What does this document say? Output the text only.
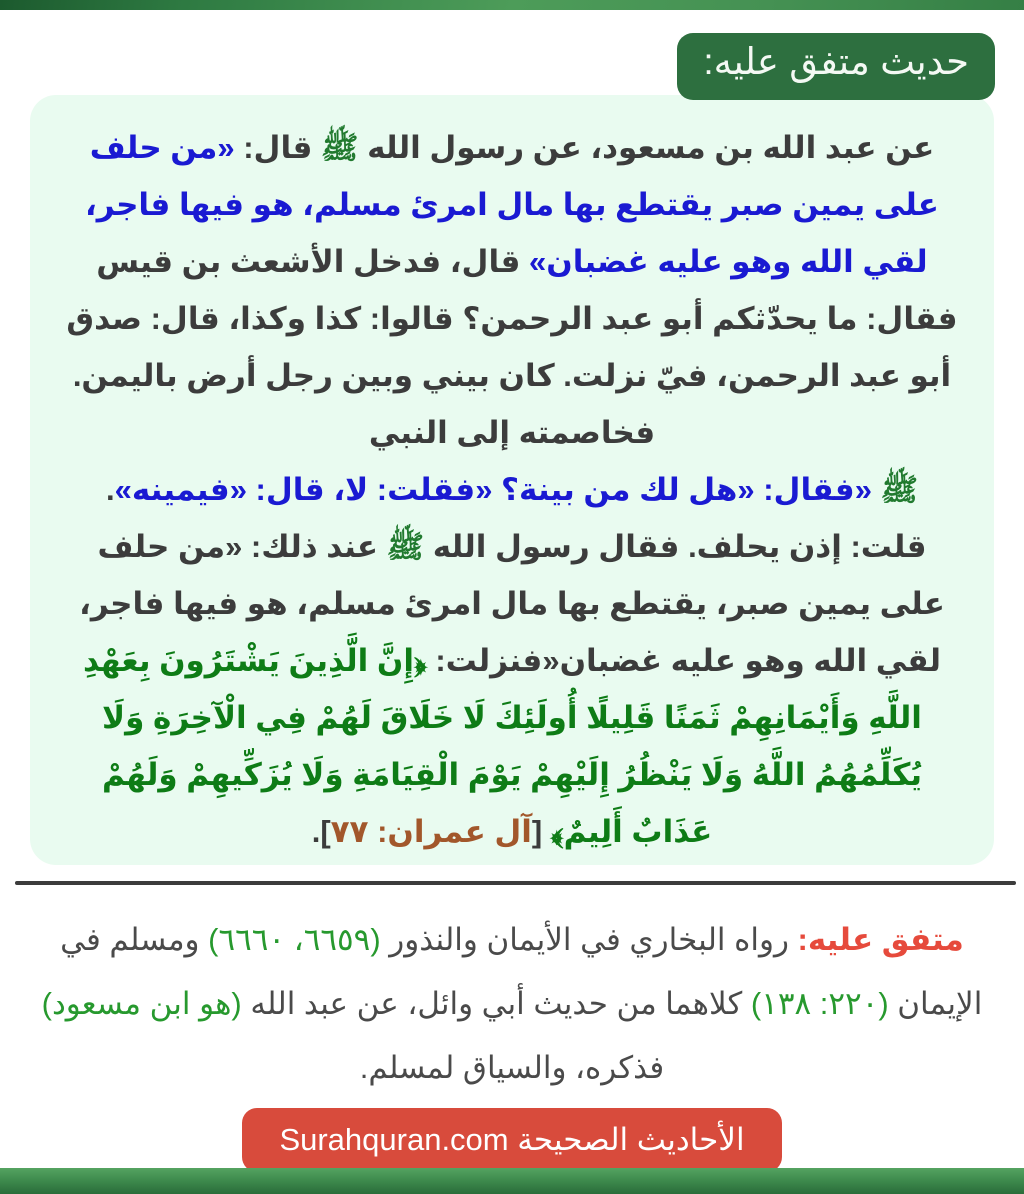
حديث متفق عليه:
عن عبد الله بن مسعود، عن رسول الله ﷺ قال: «من حلف على يمين صبر يقتطع بها مال امرئ مسلم، هو فيها فاجر، لقي الله وهو عليه غضبان» قال، فدخل الأشعث بن قيس فقال: ما يحدّثكم أبو عبد الرحمن؟ قالوا: كذا وكذا، قال: صدق أبو عبد الرحمن، فيّ نزلت. كان بيني وبين رجل أرض باليمن. فخاصمته إلى النبي
ﷺ «فقال: «هل لك من بينة؟ «فقلت: لا، قال: «فيمينه». قلت: إذن يحلف. فقال رسول الله ﷺ عند ذلك: «من حلف على يمين صبر، يقتطع بها مال امرئ مسلم، هو فيها فاجر، لقي الله وهو عليه غضبان«فنزلت: ﴿إِنَّ الَّذِينَ يَشْتَرُونَ بِعَهْدِ اللَّهِ وَأَيْمَانِهِمْ ثَمَنًا قَلِيلًا أُولَئِكَ لَا خَلَاقَ لَهُمْ فِي الْآخِرَةِ وَلَا يُكَلِّمُهُمُ اللَّهُ وَلَا يَنْظُرُ إِلَيْهِمْ يَوْمَ الْقِيَامَةِ وَلَا يُزَكِّيهِمْ وَلَهُمْ عَذَابٌ أَلِيمٌ﴾ [آل عمران: ٧٧].
متفق عليه: رواه البخاري في الأيمان والنذور (٦٦٥٩، ٦٦٦٠) ومسلم في الإيمان (٢٢٠: ١٣٨) كلاهما من حديث أبي وائل، عن عبد الله (هو ابن مسعود) فذكره، والسياق لمسلم.
الأحاديث الصحيحة Surahquran.com
